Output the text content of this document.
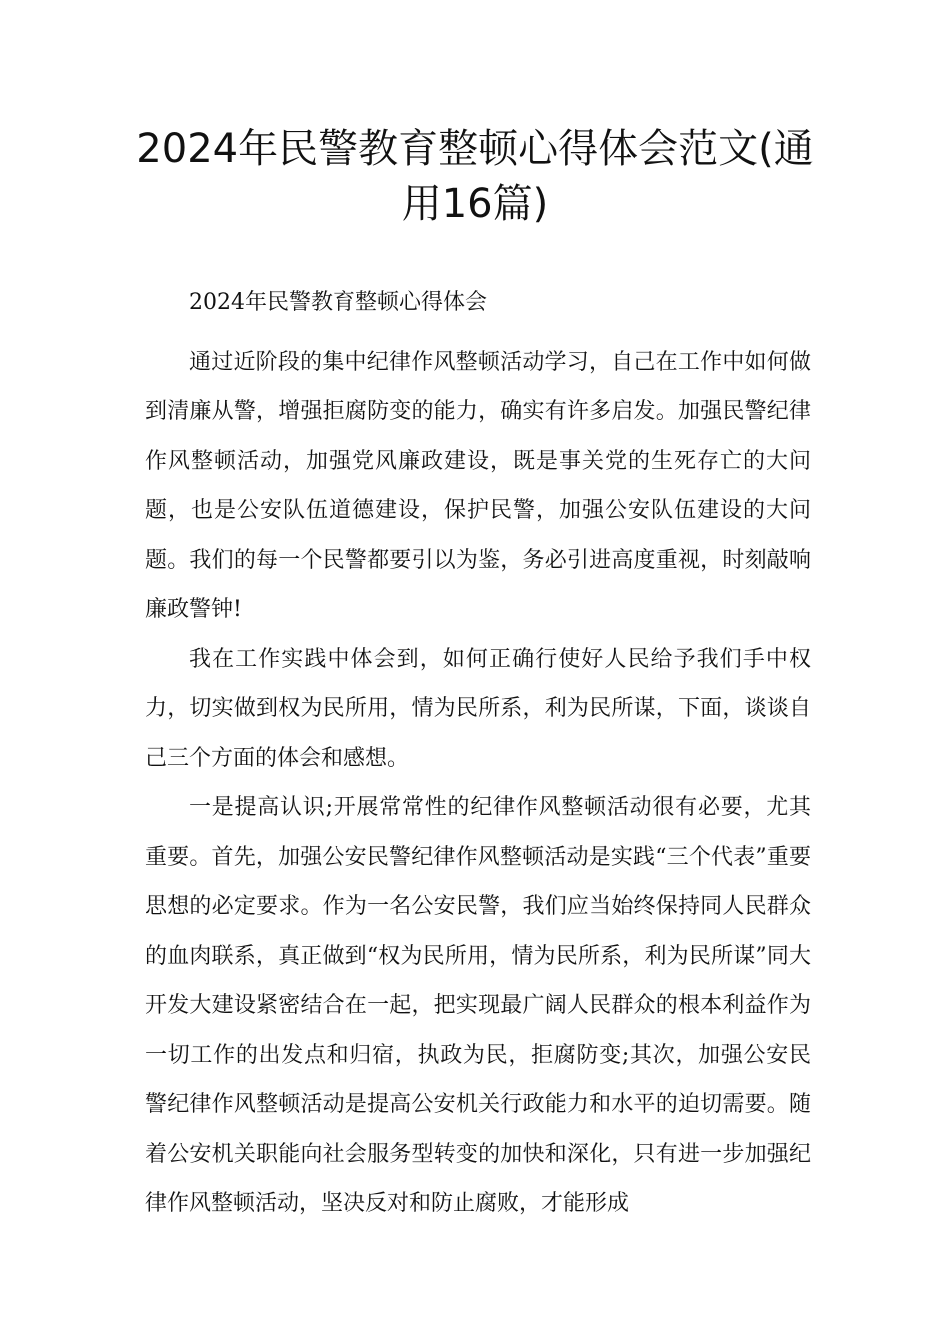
2024年民警教育整顿心得体会范文(通用16篇)

2024年民警教育整顿心得体会

通过近阶段的集中纪律作风整顿活动学习，自己在工作中如何做到清廉从警，增强拒腐防变的能力，确实有许多启发。加强民警纪律作风整顿活动，加强党风廉政建设，既是事关党的生死存亡的大问题，也是公安队伍道德建设，保护民警，加强公安队伍建设的大问题。我们的每一个民警都要引以为鉴，务必引进高度重视，时刻敲响廉政警钟!

我在工作实践中体会到，如何正确行使好人民给予我们手中权力，切实做到权为民所用，情为民所系，利为民所谋，下面，谈谈自己三个方面的体会和感想。

一是提高认识;开展常常性的纪律作风整顿活动很有必要，尤其重要。首先，加强公安民警纪律作风整顿活动是实践“三个代表”重要思想的必定要求。作为一名公安民警，我们应当始终保持同人民群众的血肉联系，真正做到“权为民所用，情为民所系，利为民所谋”同大开发大建设紧密结合在一起，把实现最广阔人民群众的根本利益作为一切工作的出发点和归宿，执政为民，拒腐防变;其次，加强公安民警纪律作风整顿活动是提高公安机关行政能力和水平的迫切需要。随着公安机关职能向社会服务型转变的加快和深化，只有进一步加强纪律作风整顿活动，坚决反对和防止腐败，才能形成
